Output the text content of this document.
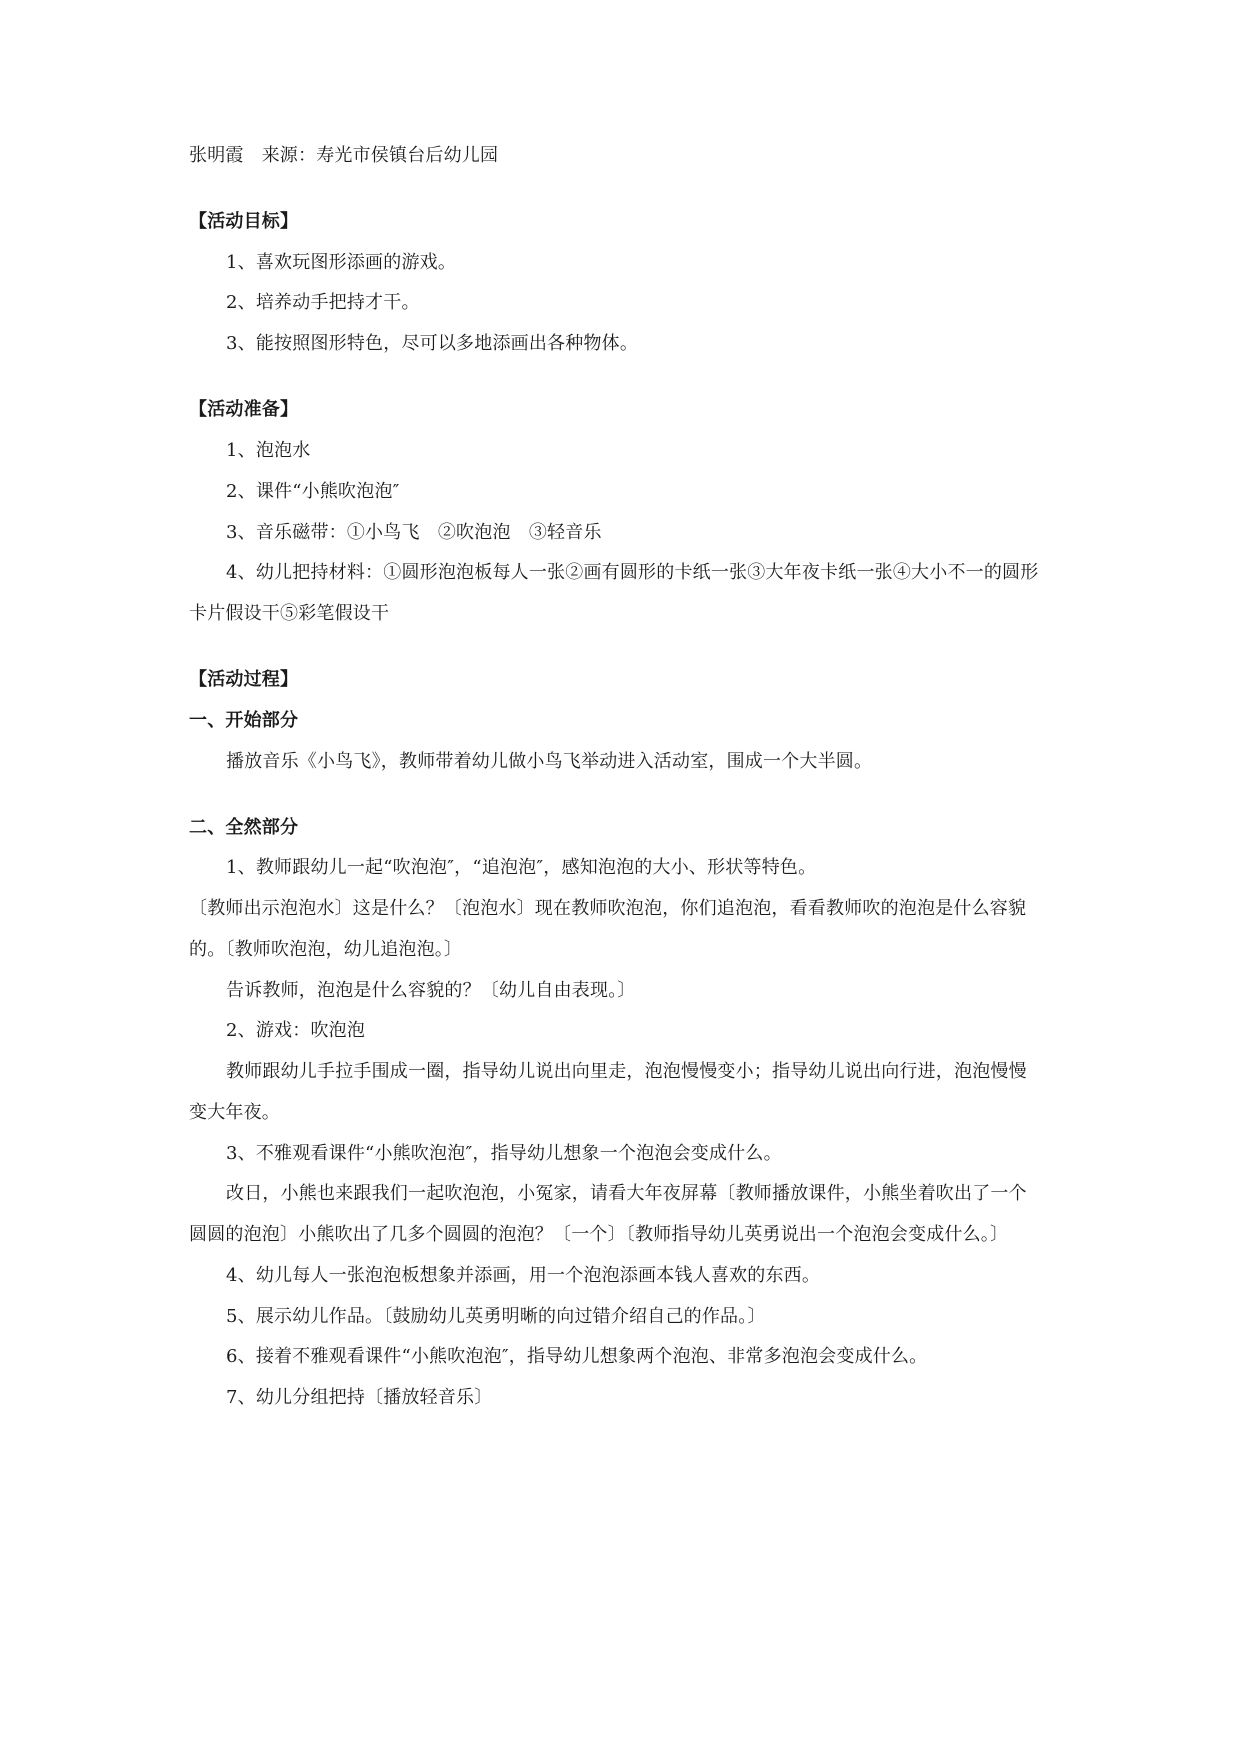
张明霞 来源：寿光市侯镇台后幼儿园
【活动目标】
1、喜欢玩图形添画的游戏。
2、培养动手把持才干。
3、能按照图形特色，尽可以多地添画出各种物体。
【活动准备】
1、泡泡水
2、课件“小熊吹泡泡″
3、音乐磁带：①小鸟飞　②吹泡泡　③轻音乐
4、幼儿把持材料：①圆形泡泡板每人一张②画有圆形的卡纸一张③大年夜卡纸一张④大小不一的圆形
卡片假设干⑤彩笔假设干
【活动过程】
一、开始部分
播放音乐《小鸟飞》，教师带着幼儿做小鸟飞举动进入活动室，围成一个大半圆。
二、全然部分
1、教师跟幼儿一起“吹泡泡″，“追泡泡″，感知泡泡的大小、形状等特色。
〔教师出示泡泡水〕这是什么？〔泡泡水〕现在教师吹泡泡，你们追泡泡，看看教师吹的泡泡是什么容貌
的。〔教师吹泡泡，幼儿追泡泡。〕
告诉教师，泡泡是什么容貌的？〔幼儿自由表现。〕
2、游戏：吹泡泡
教师跟幼儿手拉手围成一圈，指导幼儿说出向里走，泡泡慢慢变小；指导幼儿说出向行进，泡泡慢慢
变大年夜。
3、不雅观看课件“小熊吹泡泡″，指导幼儿想象一个泡泡会变成什么。
改日，小熊也来跟我们一起吹泡泡，小冤家，请看大年夜屏幕〔教师播放课件，小熊坐着吹出了一个
圆圆的泡泡〕小熊吹出了几多个圆圆的泡泡？〔一个〕〔教师指导幼儿英勇说出一个泡泡会变成什么。〕
4、幼儿每人一张泡泡板想象并添画，用一个泡泡添画本钱人喜欢的东西。
5、展示幼儿作品。〔鼓励幼儿英勇明晰的向过错介绍自己的作品。〕
6、接着不雅观看课件“小熊吹泡泡″，指导幼儿想象两个泡泡、非常多泡泡会变成什么。
7、幼儿分组把持〔播放轻音乐〕
